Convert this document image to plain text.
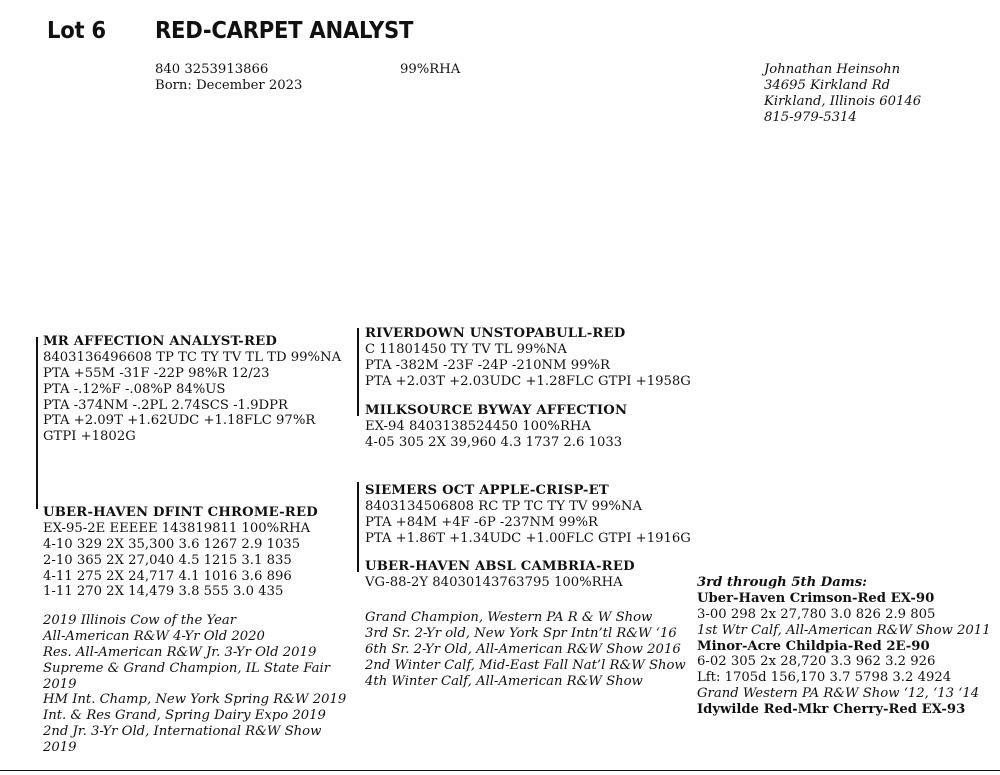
Lot 6 RED-CARPET ANALYST
840 3253913866
Born: December 2023
99%RHA	Johnathan Heinsohn
34695 Kirkland Rd
Kirkland, Illinois 60146
815-979-5314
MR AFFECTION ANALYST-RED
8403136496608 TP TC TY TV TL TD 99%NA
PTA +55M -31F -22P 98%R 12/23
PTA -.12%F -.08%P 84%US
PTA -374NM -.2PL 2.74SCS -1.9DPR
PTA +2.09T +1.62UDC +1.18FLC 97%R
GTPI +1802G
RIVERDOWN UNSTOPABULL-RED
C 11801450 TY TV TL 99%NA
PTA -382M -23F -24P -210NM 99%R
PTA +2.03T +2.03UDC +1.28FLC GTPI +1958G
MILKSOURCE BYWAY AFFECTION
EX-94 8403138524450 100%RHA
4-05 305 2X 39,960 4.3 1737 2.6 1033
UBER-HAVEN DFINT CHROME-RED
EX-95-2E EEEEE 143819811 100%RHA
4-10 329 2X 35,300 3.6 1267 2.9 1035
2-10 365 2X 27,040 4.5 1215 3.1 835
4-11 275 2X 24,717 4.1 1016 3.6 896
1-11 270 2X 14,479 3.8 555 3.0 435
2019 Illinois Cow of the Year
All-American R&W 4-Yr Old 2020
Res. All-American R&W Jr. 3-Yr Old 2019
Supreme & Grand Champion, IL State Fair
2019
HM Int. Champ, New York Spring R&W 2019
Int. & Res Grand, Spring Dairy Expo 2019
2nd Jr. 3-Yr Old, International R&W Show
2019
SIEMERS OCT APPLE-CRISP-ET
8403134506808 RC TP TC TY TV 99%NA
PTA +84M +4F -6P -237NM 99%R
PTA +1.86T +1.34UDC +1.00FLC GTPI +1916G
UBER-HAVEN ABSL CAMBRIA-RED
VG-88-2Y 84030143763795 100%RHA
Grand Champion, Western PA R & W Show
3rd Sr. 2-Yr old, New York Spr Intn’tl R&W ‘16
6th Sr. 2-Yr Old, All-American R&W Show 2016
2nd Winter Calf, Mid-East Fall Nat’l R&W Show
4th Winter Calf, All-American R&W Show
3rd through 5th Dams:
Uber-Haven Crimson-Red EX-90
3-00 298 2x 27,780 3.0 826 2.9 805
1st Wtr Calf, All-American R&W Show 2011
Minor-Acre Childpia-Red 2E-90
6-02 305 2x 28,720 3.3 962 3.2 926
Lft: 1705d 156,170 3.7 5798 3.2 4924
Grand Western PA R&W Show ‘12, ‘13 ‘14
Idywilde Red-Mkr Cherry-Red EX-93
